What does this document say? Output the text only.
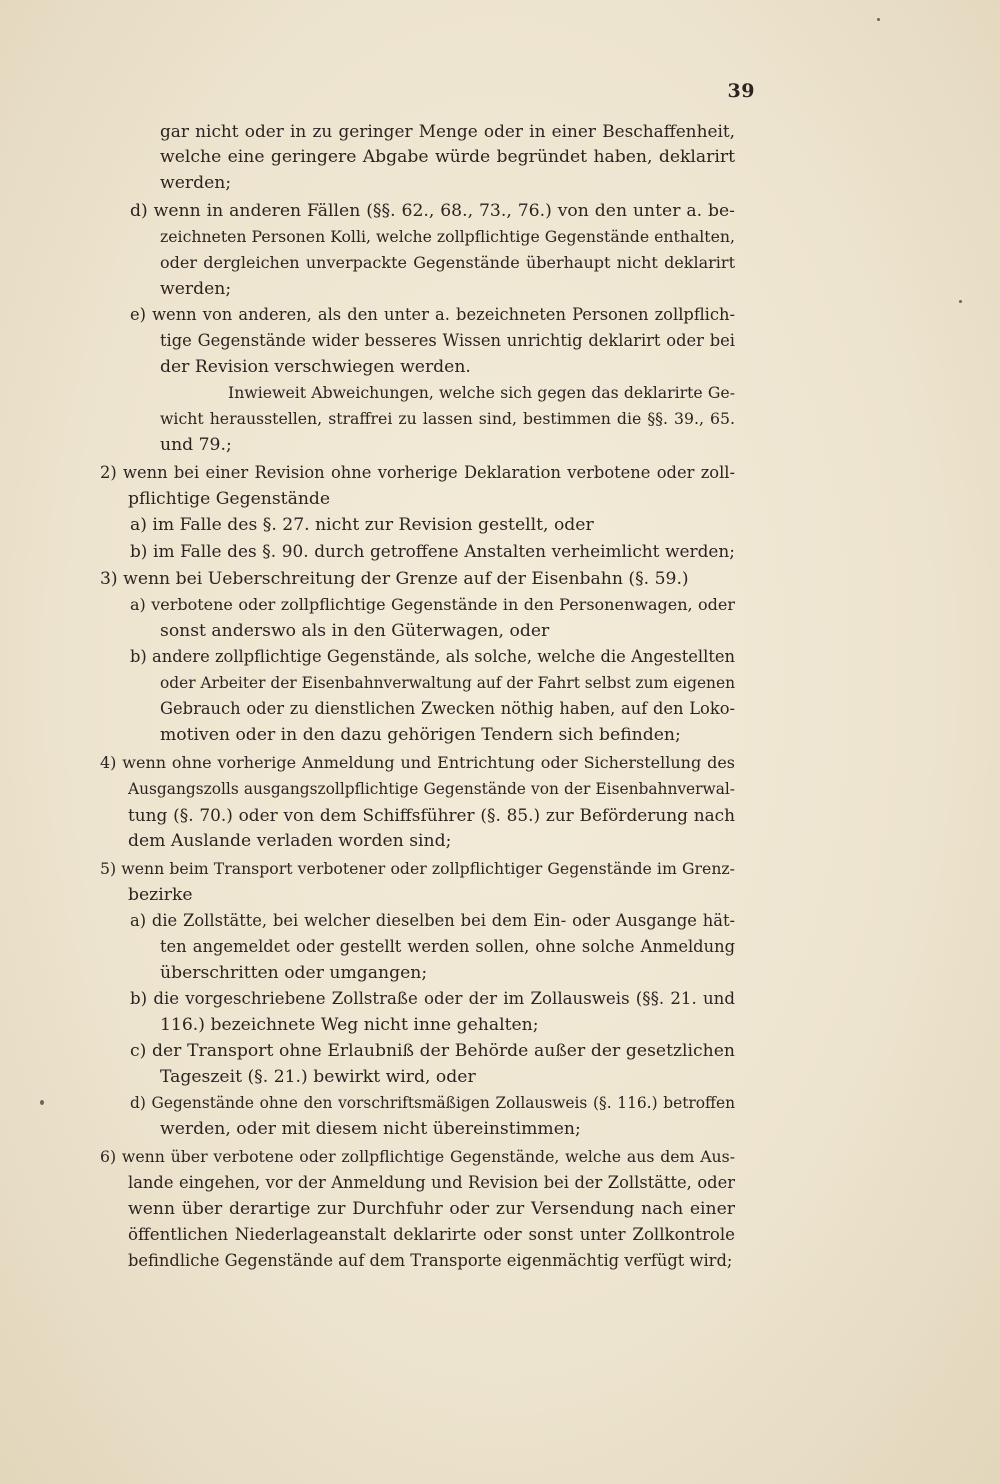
39
gar nicht oder in zu geringer Menge oder in einer Beschaffenheit,
welche eine geringere Abgabe würde begründet haben, deklarirt
werden;
d) wenn in anderen Fällen (§§. 62., 68., 73., 76.) von den unter a. be-
zeichneten Personen Kolli, welche zollpflichtige Gegenstände enthalten,
oder dergleichen unverpackte Gegenstände überhaupt nicht deklarirt
werden;
e) wenn von anderen, als den unter a. bezeichneten Personen zollpflich-
tige Gegenstände wider besseres Wissen unrichtig deklarirt oder bei
der Revision verschwiegen werden.
Inwieweit Abweichungen, welche sich gegen das deklarirte Ge-
wicht herausstellen, straffrei zu lassen sind, bestimmen die §§. 39., 65.
und 79.;
2) wenn bei einer Revision ohne vorherige Deklaration verbotene oder zoll-
pflichtige Gegenstände
a) im Falle des §. 27. nicht zur Revision gestellt, oder
b) im Falle des §. 90. durch getroffene Anstalten verheimlicht werden;
3) wenn bei Ueberschreitung der Grenze auf der Eisenbahn (§. 59.)
a) verbotene oder zollpflichtige Gegenstände in den Personenwagen, oder
sonst anderswo als in den Güterwagen, oder
b) andere zollpflichtige Gegenstände, als solche, welche die Angestellten
oder Arbeiter der Eisenbahnverwaltung auf der Fahrt selbst zum eigenen
Gebrauch oder zu dienstlichen Zwecken nöthig haben, auf den Loko-
motiven oder in den dazu gehörigen Tendern sich befinden;
4) wenn ohne vorherige Anmeldung und Entrichtung oder Sicherstellung des
Ausgangszolls ausgangszollpflichtige Gegenstände von der Eisenbahnverwal-
tung (§. 70.) oder von dem Schiffsführer (§. 85.) zur Beförderung nach
dem Auslande verladen worden sind;
5) wenn beim Transport verbotener oder zollpflichtiger Gegenstände im Grenz-
bezirke
a) die Zollstätte, bei welcher dieselben bei dem Ein- oder Ausgange hät-
ten angemeldet oder gestellt werden sollen, ohne solche Anmeldung
überschritten oder umgangen;
b) die vorgeschriebene Zollstraße oder der im Zollausweis (§§. 21. und
116.) bezeichnete Weg nicht inne gehalten;
c) der Transport ohne Erlaubniß der Behörde außer der gesetzlichen
Tageszeit (§. 21.) bewirkt wird, oder
d) Gegenstände ohne den vorschriftsmäßigen Zollausweis (§. 116.) betroffen
werden, oder mit diesem nicht übereinstimmen;
6) wenn über verbotene oder zollpflichtige Gegenstände, welche aus dem Aus-
lande eingehen, vor der Anmeldung und Revision bei der Zollstätte, oder
wenn über derartige zur Durchfuhr oder zur Versendung nach einer
öffentlichen Niederlageanstalt deklarirte oder sonst unter Zollkontrole
befindliche Gegenstände auf dem Transporte eigenmächtig verfügt wird;
